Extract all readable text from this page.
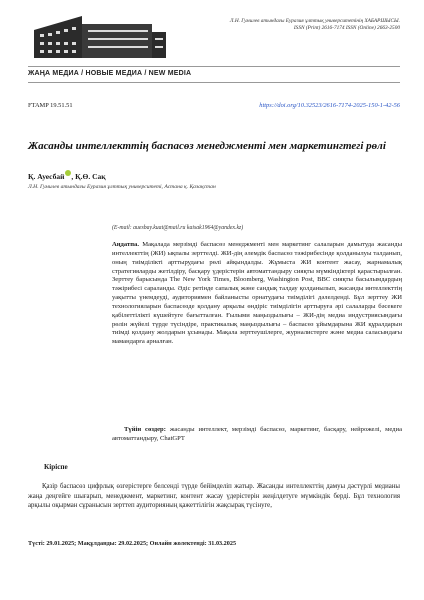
Л.Н. Гумилев атындағы Еуразия ұлттық университетінің ХАБАРШЫСЫ.
ISSN (Print) 2616-7174 ISSN (Online) 2663-2500
ЖАҢА МЕДИА / НОВЫЕ МЕДИА / NEW MEDIA
FTAMP 19.51.51	https://doi.org/10.32523/2616-7174-2025-150-1-42-56
Жасанды интеллекттің баспасөз менеджменті мен маркетингтегі рөлі
Қ. Ауесбай , Қ.Ө. Сақ
Л.Н. Гумилев атындағы Еуразия ұлттық университеті, Астана қ. Қазақстан
(E-mail: auesbay.kuat@mail.ru kaisak1964@yandex.kz)
Аңдатпа. Мақалада мерзімді баспасөз менеджменті мен маркетинг салаларын дамытуда жасанды интеллекттің (ЖИ) ықпалы зерттелді. ЖИ-дің әлемдік баспасөз тәжірибесінде қолданылуы талданып, оның тиімділікті арттырудағы рөлі айқындалды. Жұмыста ЖИ контент жасау, жарнамалық стратегияларды жетілдіру, басқару үдерістерін автоматтандыру сияқты мүмкіндіктері қарастырылған. Зерттеу барысында The New York Times, Bloomberg, Washington Post, BBC сияқты басылымдардың тәжірибесі сараланды. Әдіс ретінде сапалық және сандық талдау қолданылып, жасанды интеллекттің уақытты үнемдеуді, аудиториямен байланысты орнатудағы тиімділігі дәлелденді. Бұл зерттеу ЖИ технологияларын баспасөзде қолдану арқылы өндіріс тиімділігін арттыруға әрі салаларды бәсекеге қабілеттілікті күшейтуге бағытталған. Ғылыми маңыздылығы – ЖИ-дің медиа индустриясындағы рөлін жүйелі түрде түсіндіре, практикалық маңыздылығы – баспасөз ұйымдарына ЖИ құралдарын тиімді қолдану жолдарын ұсынады. Мақала зерттеушілерге, журналистерге және медиа саласындағы мамандарға арналған.
Түйін сөздер: жасанды интеллект, мерзімді баспасөз, маркетинг, басқару, нейрожелі, медиа автоматтандыру, ChatGPT
Кіріспе
Қазір баспасөз цифрлық өзгерістерге белсенді түрде бейімделіп жатыр. Жасанды интеллекттің дамуы дәстүрлі медианы жаңа деңгейге шығарып, менеджмент, маркетинг, контент жасау үдерістерін жеңілдетуге мүмкіндік берді. Бұл технология арқылы оқырман сұранысын зерттеп аудиторияның қажеттілігін жақсырақ түсінуге,
Түсті: 29.01.2025; Мақұлданды: 29.02.2025; Онлайн жолектенді: 31.03.2025
